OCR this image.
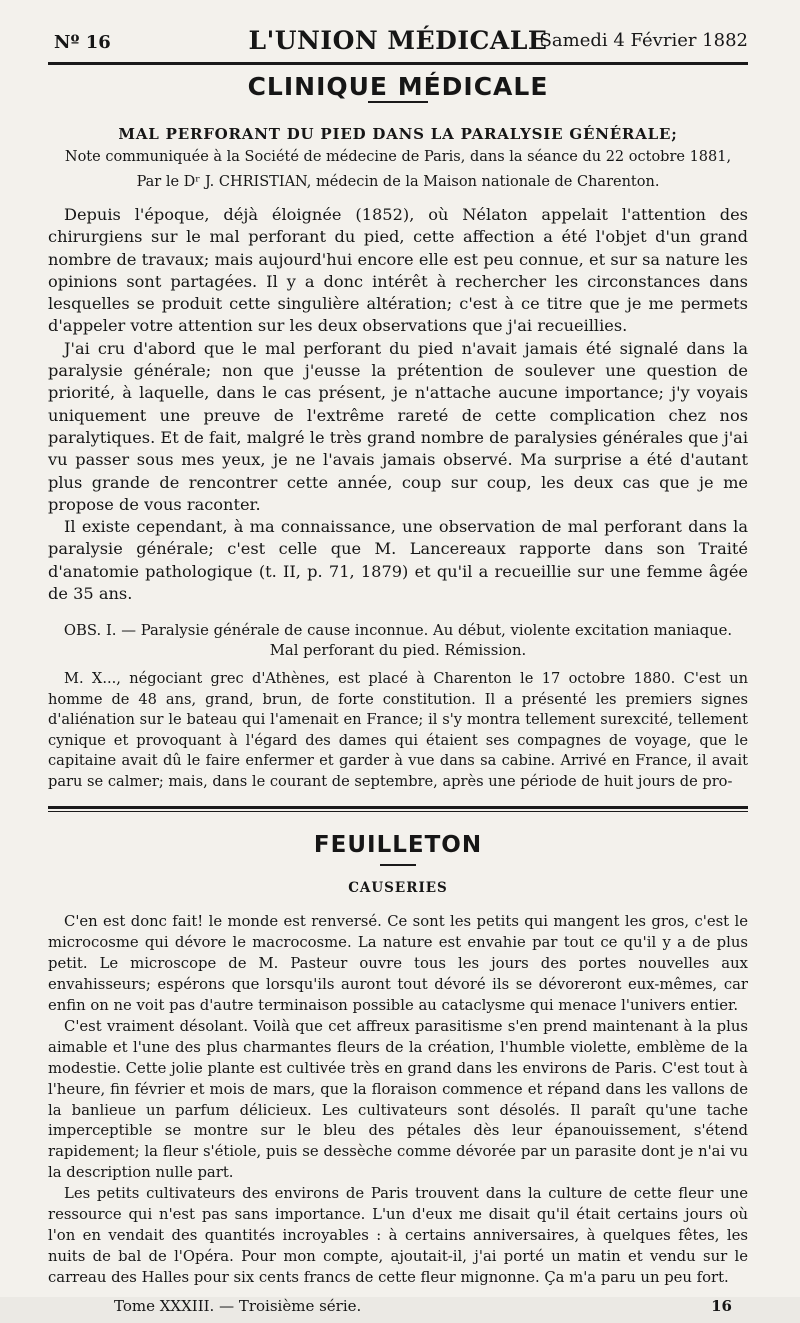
Nº 16	L'UNION MÉDICALE
Samedi 4 Février 1882
CLINIQUE MÉDICALE
MAL PERFORANT DU PIED DANS LA PARALYSIE GÉNÉRALE;
Note communiquée à la Société de médecine de Paris, dans la séance du 22 octobre 1881,
Par le Dʳ J. CHRISTIAN, médecin de la Maison nationale de Charenton.

Depuis l'époque, déjà éloignée (1852), où Nélaton appelait l'attention des chirurgiens sur le mal perforant du pied, cette affection a été l'objet d'un grand nombre de travaux; mais aujourd'hui encore elle est peu connue, et sur sa nature les opinions sont partagées. Il y a donc intérêt à rechercher les circonstances dans lesquelles se produit cette singulière altération; c'est à ce titre que je me permets d'appeler votre attention sur les deux observations que j'ai recueillies.

J'ai cru d'abord que le mal perforant du pied n'avait jamais été signalé dans la paralysie générale; non que j'eusse la prétention de soulever une question de priorité, à laquelle, dans le cas présent, je n'attache aucune importance; j'y voyais uniquement une preuve de l'extrême rareté de cette complication chez nos paralytiques. Et de fait, malgré le très grand nombre de paralysies générales que j'ai vu passer sous mes yeux, je ne l'avais jamais observé. Ma surprise a été d'autant plus grande de rencontrer cette année, coup sur coup, les deux cas que je me propose de vous raconter.

Il existe cependant, à ma connaissance, une observation de mal perforant dans la paralysie générale; c'est celle que M. Lancereaux rapporte dans son Traité d'anatomie pathologique (t. II, p. 71, 1879) et qu'il a recueillie sur une femme âgée de 35 ans.

OBS. I. — Paralysie générale de cause inconnue. Au début, violente excitation maniaque. Mal perforant du pied. Rémission.

M. X..., négociant grec d'Athènes, est placé à Charenton le 17 octobre 1880. C'est un homme de 48 ans, grand, brun, de forte constitution. Il a présenté les premiers signes d'aliénation sur le bateau qui l'amenait en France; il s'y montra tellement surexcité, tellement cynique et provoquant à l'égard des dames qui étaient ses compagnes de voyage, que le capitaine avait dû le faire enfermer et garder à vue dans sa cabine. Arrivé en France, il avait paru se calmer; mais, dans le courant de septembre, après une période de huit jours de pro-

FEUILLETON
CAUSERIES

C'en est donc fait! le monde est renversé. Ce sont les petits qui mangent les gros, c'est le microcosme qui dévore le macrocosme. La nature est envahie par tout ce qu'il y a de plus petit. Le microscope de M. Pasteur ouvre tous les jours des portes nouvelles aux envahisseurs; espérons que lorsqu'ils auront tout dévoré ils se dévoreront eux-mêmes, car enfin on ne voit pas d'autre terminaison possible au cataclysme qui menace l'univers entier.

C'est vraiment désolant. Voilà que cet affreux parasitisme s'en prend maintenant à la plus aimable et l'une des plus charmantes fleurs de la création, l'humble violette, emblème de la modestie. Cette jolie plante est cultivée très en grand dans les environs de Paris. C'est tout à l'heure, fin février et mois de mars, que la floraison commence et répand dans les vallons de la banlieue un parfum délicieux. Les cultivateurs sont désolés. Il paraît qu'une tache imperceptible se montre sur le bleu des pétales dès leur épanouissement, s'étend rapidement; la fleur s'étiole, puis se dessèche comme dévorée par un parasite dont je n'ai vu la description nulle part.

Les petits cultivateurs des environs de Paris trouvent dans la culture de cette fleur une ressource qui n'est pas sans importance. L'un d'eux me disait qu'il était certains jours où l'on en vendait des quantités incroyables : à certains anniversaires, à quelques fêtes, les nuits de bal de l'Opéra. Pour mon compte, ajoutait-il, j'ai porté un matin et vendu sur le carreau des Halles pour six cents francs de cette fleur mignonne. Ça m'a paru un peu fort.

Tome XXXIII. — Troisième série.	16
